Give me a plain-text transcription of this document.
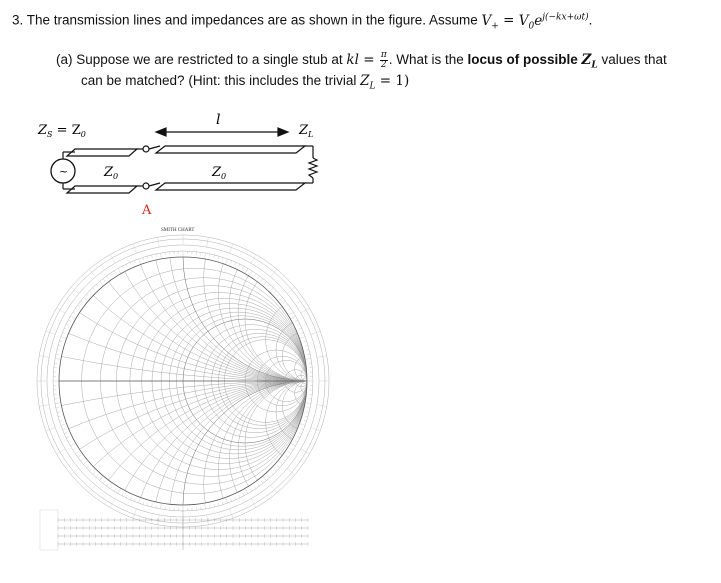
3. The transmission lines and impedances are as shown in the figure. Assume $V_+ = V_0e^{j(-kx+\omega t)}$.
(a) Suppose we are restricted to a single stub at kl = $\frac{\pi}{2}$ . What is the locus of possible $Z_L$ values that
can be matched? (Hint: this includes the trivial $Z_L = 1$)
$Z_S = Z_0$
~	$Z_0$	$Z_0$
l
$Z_L$
A
SMITH CHART
